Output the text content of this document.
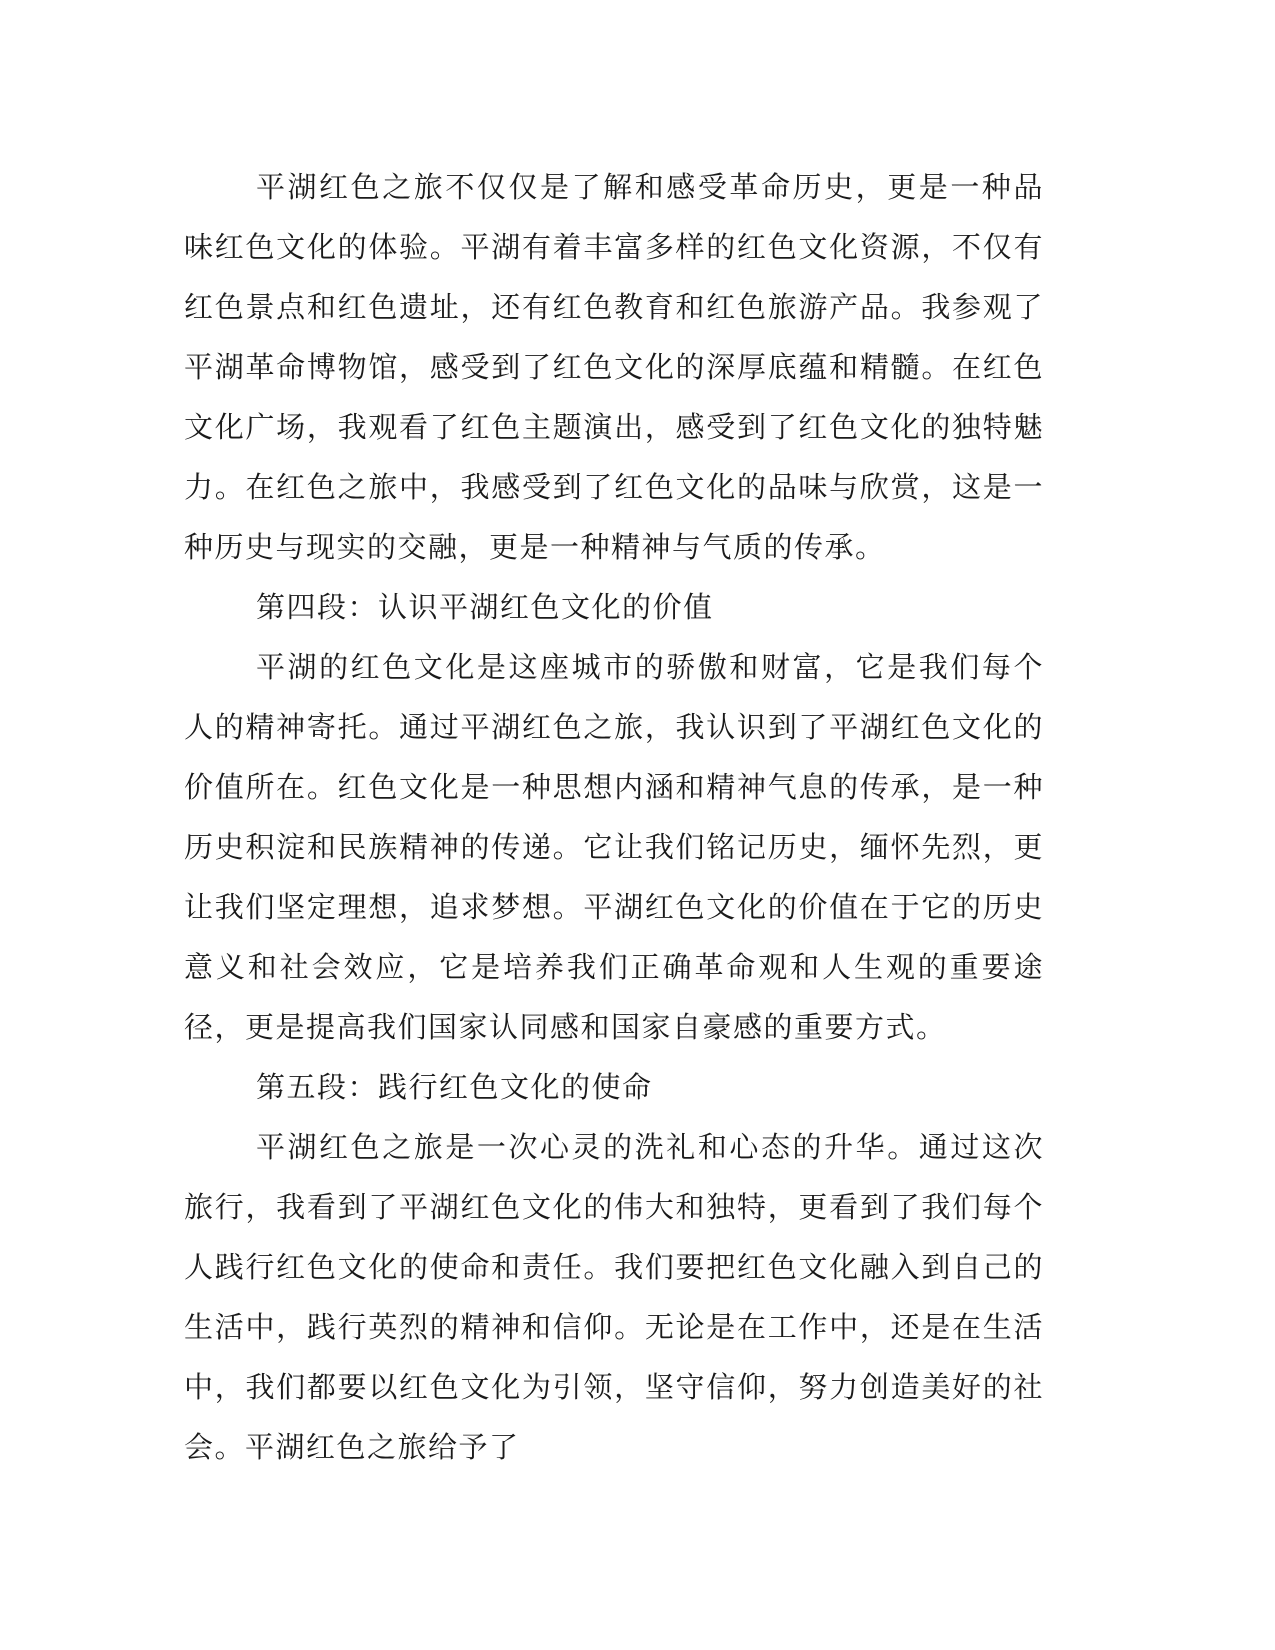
平湖红色之旅不仅仅是了解和感受革命历史，更是一种品味红色文化的体验。平湖有着丰富多样的红色文化资源，不仅有红色景点和红色遗址，还有红色教育和红色旅游产品。我参观了平湖革命博物馆，感受到了红色文化的深厚底蕴和精髓。在红色文化广场，我观看了红色主题演出，感受到了红色文化的独特魅力。在红色之旅中，我感受到了红色文化的品味与欣赏，这是一种历史与现实的交融，更是一种精神与气质的传承。

第四段：认识平湖红色文化的价值

平湖的红色文化是这座城市的骄傲和财富，它是我们每个人的精神寄托。通过平湖红色之旅，我认识到了平湖红色文化的价值所在。红色文化是一种思想内涵和精神气息的传承，是一种历史积淀和民族精神的传递。它让我们铭记历史，缅怀先烈，更让我们坚定理想，追求梦想。平湖红色文化的价值在于它的历史意义和社会效应，它是培养我们正确革命观和人生观的重要途径，更是提高我们国家认同感和国家自豪感的重要方式。

第五段：践行红色文化的使命

平湖红色之旅是一次心灵的洗礼和心态的升华。通过这次旅行，我看到了平湖红色文化的伟大和独特，更看到了我们每个人践行红色文化的使命和责任。我们要把红色文化融入到自己的生活中，践行英烈的精神和信仰。无论是在工作中，还是在生活中，我们都要以红色文化为引领，坚守信仰，努力创造美好的社会。平湖红色之旅给予了
